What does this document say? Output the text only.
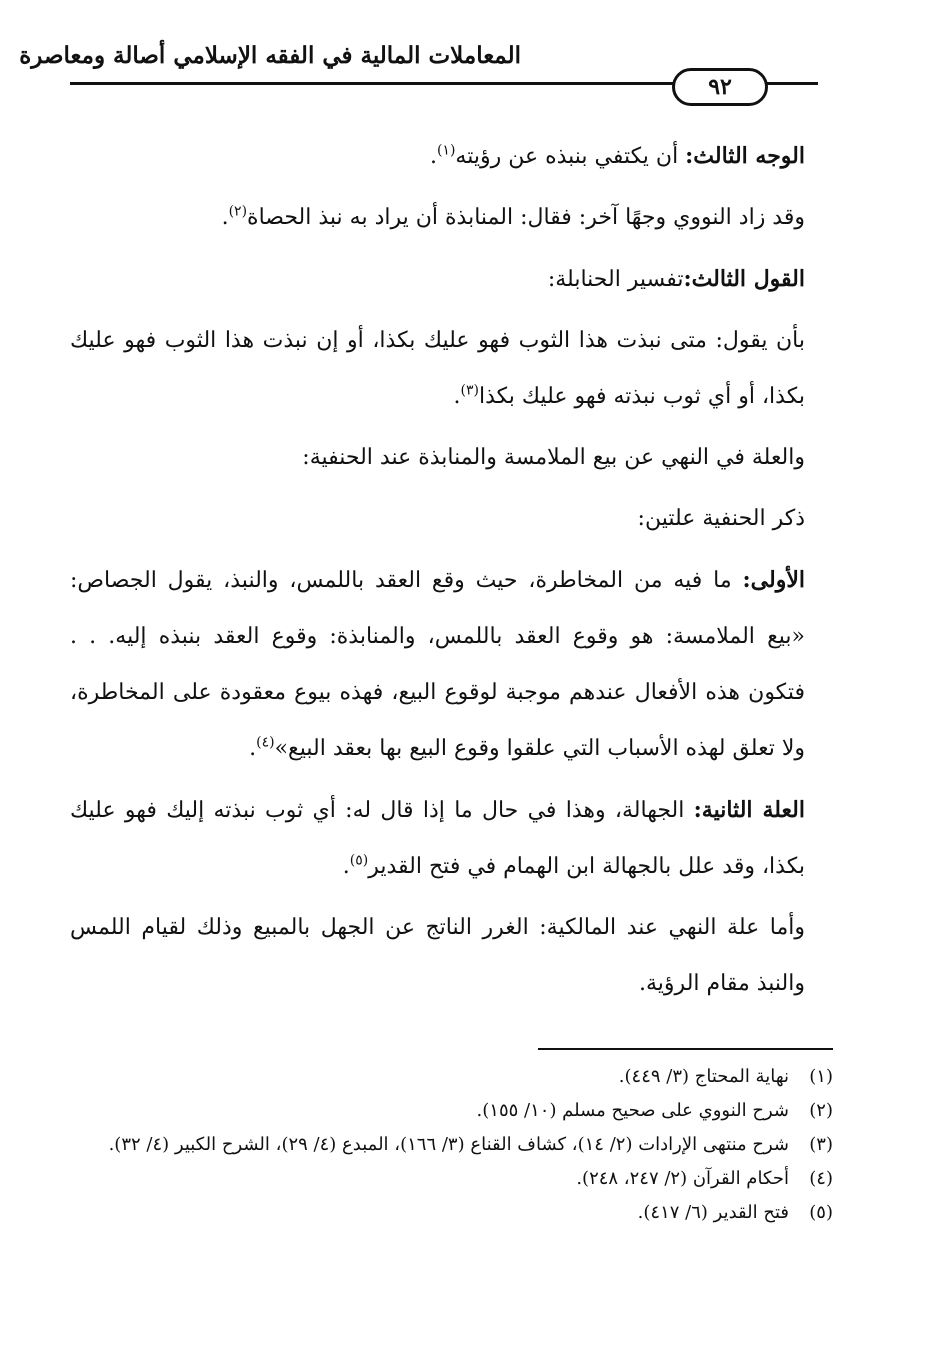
المعاملات المالية في الفقه الإسلامي أصالة ومعاصرة
٩٢

الوجه الثالث: أن يكتفي بنبذه عن رؤيته$^{(١)}$.

وقد زاد النووي وجهًا آخر: فقال: المنابذة أن يراد به نبذ الحصاة$^{(٢)}$.

القول الثالث:تفسير الحنابلة:

بأن يقول: متى نبذت هذا الثوب فهو عليك بكذا، أو إن نبذت هذا الثوب فهو عليك بكذا، أو أي ثوب نبذته فهو عليك بكذا$^{(٣)}$.

والعلة في النهي عن بيع الملامسة والمنابذة عند الحنفية:

ذكر الحنفية علتين:

الأولى: ما فيه من المخاطرة، حيث وقع العقد باللمس، والنبذ، يقول الجصاص: «بيع الملامسة: هو وقوع العقد باللمس، والمنابذة: وقوع العقد بنبذه إليه. . . فتكون هذه الأفعال عندهم موجبة لوقوع البيع، فهذه بيوع معقودة على المخاطرة، ولا تعلق لهذه الأسباب التي علقوا وقوع البيع بها بعقد البيع»$^{(٤)}$.

العلة الثانية: الجهالة، وهذا في حال ما إذا قال له: أي ثوب نبذته إليك فهو عليك بكذا، وقد علل بالجهالة ابن الهمام في فتح القدير$^{(٥)}$.

وأما علة النهي عند المالكية: الغرر الناتج عن الجهل بالمبيع وذلك لقيام اللمس والنبذ مقام الرؤية.

(١)
نهاية المحتاج (٣/ ٤٤٩).
(٢)
شرح النووي على صحيح مسلم (١٠/ ١٥٥).
(٣)
شرح منتهى الإرادات (٢/ ١٤)، كشاف القناع (٣/ ١٦٦)، المبدع (٤/ ٢٩)، الشرح الكبير (٤/ ٣٢).
(٤)
أحكام القرآن (٢/ ٢٤٧، ٢٤٨).
(٥)
فتح القدير (٦/ ٤١٧).
